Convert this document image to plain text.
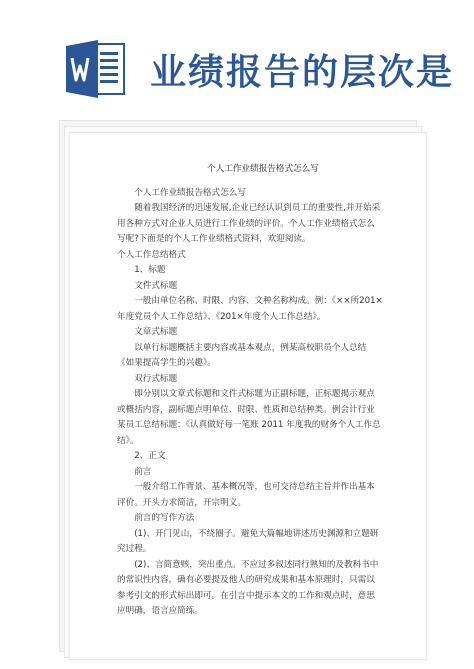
业绩报告的层次是
个人工作业绩报告格式怎么写

个人工作业绩报告格式怎么写

随着我国经济的迅速发展,企业已经认识到员工的重要性,并开始采用各种方式对企业人员进行工作业绩的评价。个人工作业绩格式怎么写呢?下面是的个人工作业绩格式资料，欢迎阅读。

个人工作总结格式

1、标题

文件式标题

一般由单位名称、时限、内容、文种名称构成。例：《××所201×年度党员个人工作总结》、《201×年度个人工作总结》。

文章式标题

以单行标题概括主要内容或基本观点，例某高校职员个人总结《如果提高学生的兴趣》。

双行式标题

即分别以文章式标题和文件式标题为正副标题，正标题揭示观点或概括内容，副标题点明单位、时限、性质和总结种类。例会计行业某员工总结标题：《认真做好每一笔账 2011 年度我的财务个人工作总结》。

2、正文

前言

一般介绍工作背景、基本概况等，也可交待总结主旨并作出基本评价。开头力求简洁，开宗明义。

前言的写作方法

(1)、开门见山，不绕圈子。避免大篇幅地讲述历史渊源和立题研究过程。

(2)、言简意赅，突出重点。不应过多叙述同行熟知的及教科书中的常识性内容，确有必要提及他人的研究成果和基本原理时，只需以参考引文的形式标出即可。在引言中提示本文的工作和观点时，意思应明确，语言应简练。
